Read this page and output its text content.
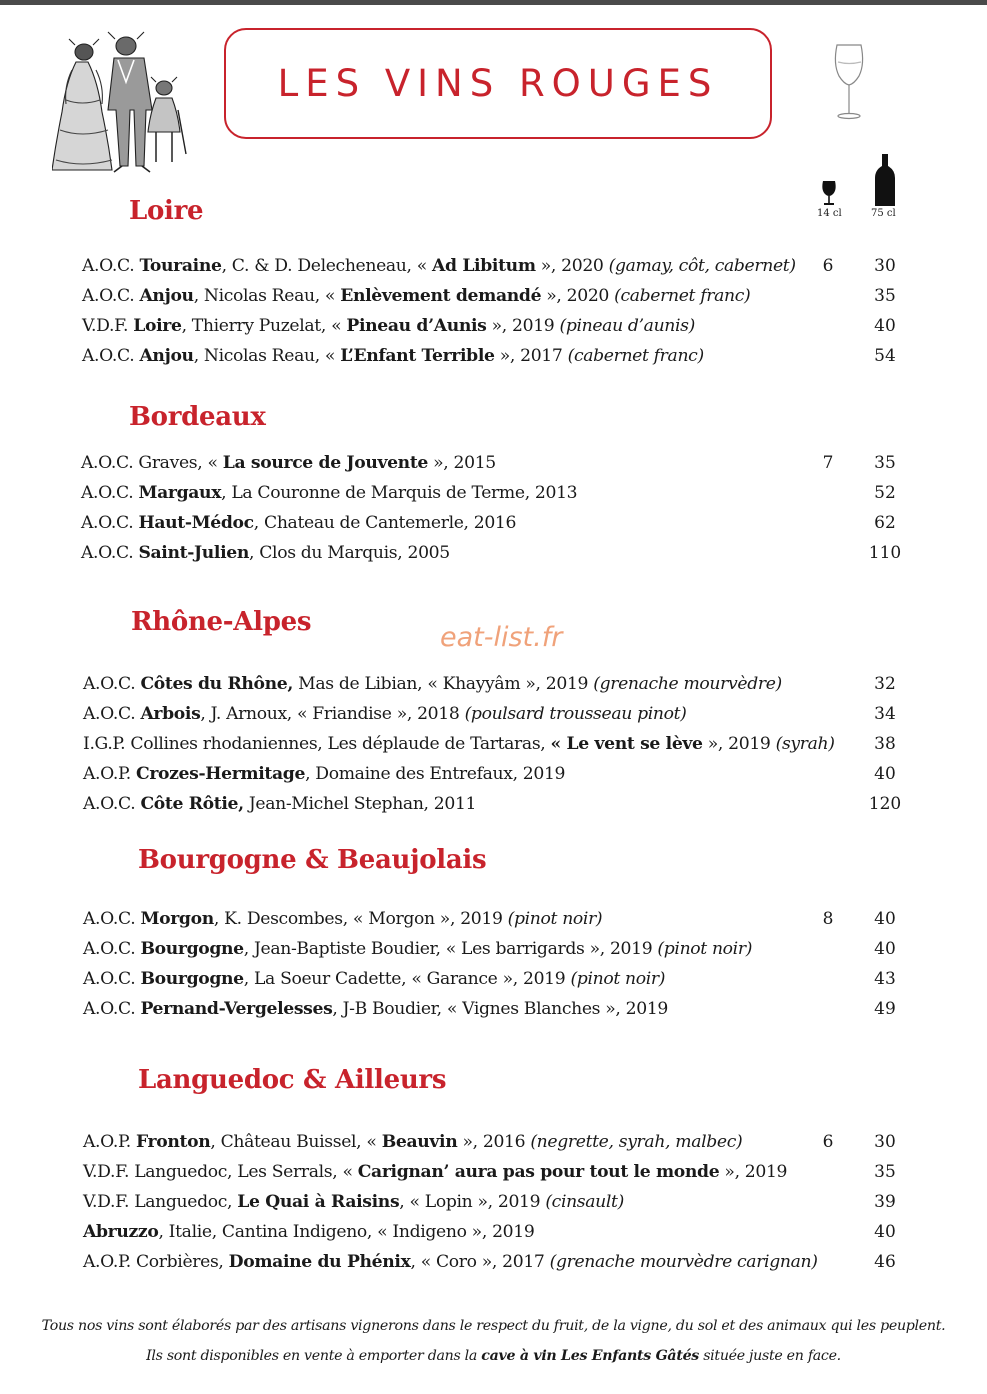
LES VINS ROUGES
14 cl	75 cl
eat-list.fr
Loire
A.O.C. Touraine, C. & D. Delecheneau, « Ad Libitum », 2020 (gamay, côt, cabernet) 6	30
A.O.C. Anjou, Nicolas Reau, « Enlèvement demandé », 2020 (cabernet franc)	35
V.D.F. Loire, Thierry Puzelat, « Pineau d’Aunis », 2019 (pineau d’aunis)	40
A.O.C. Anjou, Nicolas Reau, « L’Enfant Terrible », 2017 (cabernet franc)	54
Bordeaux
A.O.C. Graves, « La source de Jouvente », 2015	7	35
A.O.C. Margaux, La Couronne de Marquis de Terme, 2013	52
A.O.C. Haut-Médoc, Chateau de Cantemerle, 2016	62
A.O.C. Saint-Julien, Clos du Marquis, 2005	110
Rhône-Alpes
A.O.C. Côtes du Rhône, Mas de Libian, « Khayyâm », 2019 (grenache mourvèdre)	32
A.O.C. Arbois, J. Arnoux, « Friandise », 2018 (poulsard trousseau pinot)	34
I.G.P. Collines rhodaniennes, Les déplaude de Tartaras, « Le vent se lève », 2019 (syrah)	38
A.O.P. Crozes-Hermitage, Domaine des Entrefaux, 2019	40
A.O.C. Côte Rôtie, Jean-Michel Stephan, 2011	120
Bourgogne & Beaujolais
A.O.C. Morgon, K. Descombes, « Morgon », 2019 (pinot noir)	8	40
A.O.C. Bourgogne, Jean-Baptiste Boudier, « Les barrigards », 2019 (pinot noir)	40
A.O.C. Bourgogne, La Soeur Cadette, « Garance », 2019 (pinot noir)	43
A.O.C. Pernand-Vergelesses, J-B Boudier, « Vignes Blanches », 2019	49
Languedoc & Ailleurs
A.O.P. Fronton, Château Buissel, « Beauvin », 2016 (negrette, syrah, malbec)	6	30
V.D.F. Languedoc, Les Serrals, « Carignan’ aura pas pour tout le monde », 2019	35
V.D.F. Languedoc, Le Quai à Raisins, « Lopin », 2019 (cinsault)	39
Abruzzo, Italie, Cantina Indigeno, « Indigeno », 2019	40
A.O.P. Corbières, Domaine du Phénix, « Coro », 2017 (grenache mourvèdre carignan)	46
Tous nos vins sont élaborés par des artisans vignerons dans le respect du fruit, de la vigne, du sol et des animaux qui les peuplent.
Ils sont disponibles en vente à emporter dans la cave à vin Les Enfants Gâtés située juste en face.
